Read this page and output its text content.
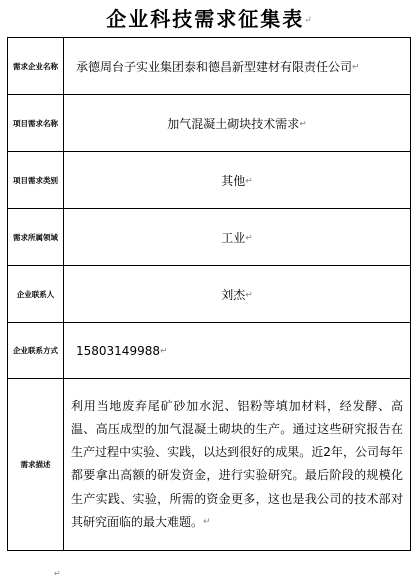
企业科技需求征集表↵
需求企业名称	承德周台子实业集团泰和德昌新型建材有限责任公司↵
项目需求名称	加气混凝土砌块技术需求↵
项目需求类别	其他↵
需求所属领域	工业↵
企业联系人	刘杰↵
企业联系方式	15803149988↵
需求描述	利用当地废弃尾矿砂加水泥、铝粉等填加材料，经发酵、高温、高压成型的加气混凝土砌块的生产。通过这些研究报告在生产过程中实验、实践，以达到很好的成果。近2年，公司每年都要拿出高额的研发资金，进行实验研究。最后阶段的规模化生产实践、实验，所需的资金更多，这也是我公司的技术部对其研究面临的最大难题。↵
↵
